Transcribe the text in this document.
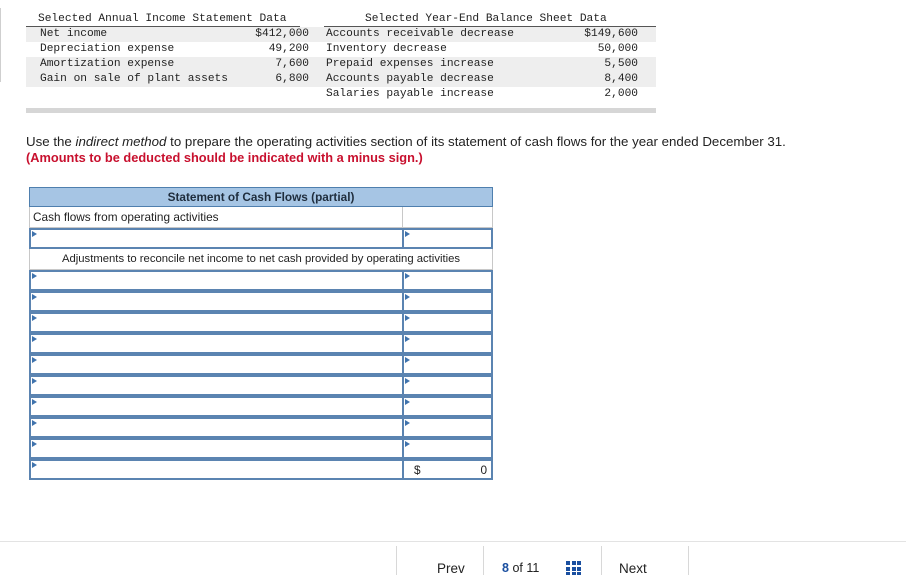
Selected Annual Income Statement Data	Selected Year-End Balance Sheet Data
Net income	$412,000
Depreciation expense	49,200
Amortization expense	7,600
Gain on sale of plant assets	6,800
Accounts receivable decrease	$149,600
Inventory decrease	50,000
Prepaid expenses increase	5,500
Accounts payable decrease	8,400
Salaries payable increase	2,000
Use the indirect method to prepare the operating activities section of its statement of cash flows for the year ended December 31.
(Amounts to be deducted should be indicated with a minus sign.)
Statement of Cash Flows (partial)
Cash flows from operating activities
Adjustments to reconcile net income to net cash provided by operating activities
$	0
Prev	8 of 11	Next
